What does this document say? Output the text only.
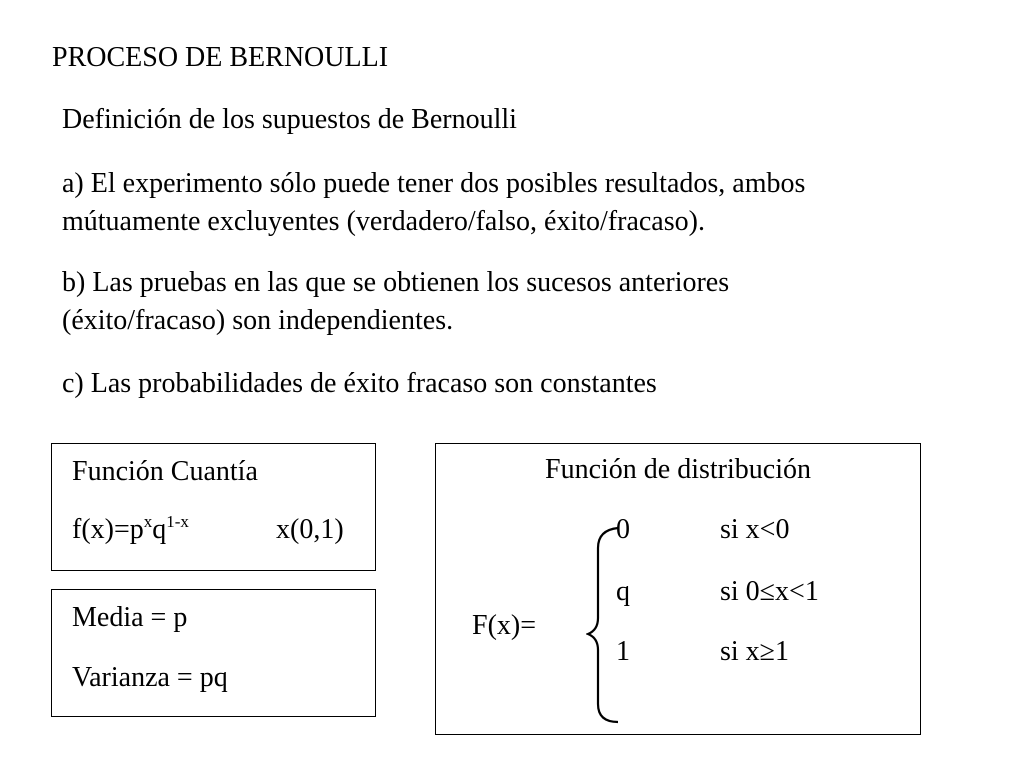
PROCESO DE BERNOULLI
Definición de los supuestos de Bernoulli
a) El experimento sólo puede tener dos posibles resultados, ambos
mútuamente excluyentes (verdadero/falso, éxito/fracaso).
b) Las pruebas en las que se obtienen los sucesos anteriores
(éxito/fracaso) son independientes.
c) Las probabilidades de éxito fracaso son constantes
Función Cuantía
$f(x)=p^xq^{1-x}$	x(0,1)
Media = p
Varianza = pq
Función de distribución
F(x)=
0	si x<0
q	si 0≤x<1
1	si x≥1
